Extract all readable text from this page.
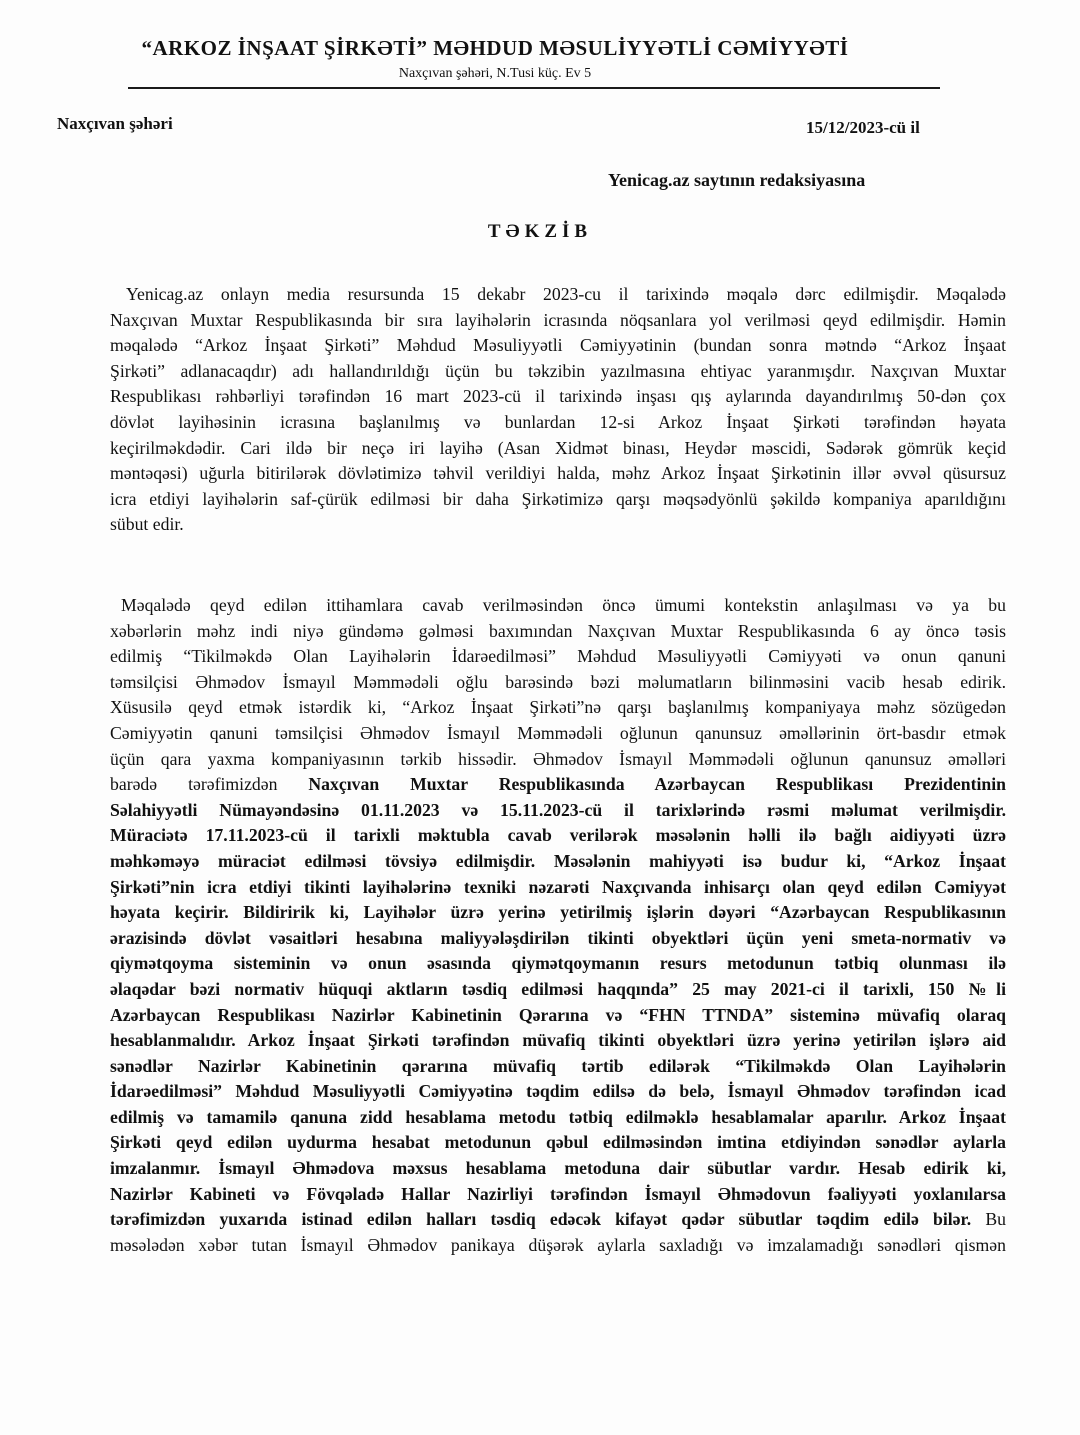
“ARKOZ İNŞAAT ŞİRKƏTİ” MƏHDUD MƏSULİYYƏTLİ CƏMİYYƏTİ
Naxçıvan şəhəri, N.Tusi küç. Ev 5
Naxçıvan şəhəri	15/12/2023-cü il
Yenicag.az saytının redaksiyasına
TƏKZİB
Yenicag.az onlayn media resursunda 15 dekabr 2023-cu il tarixində məqalə dərc edilmişdir. Məqalədə
Naxçıvan Muxtar Respublikasında bir sıra layihələrin icrasında nöqsanlara yol verilməsi qeyd edilmişdir. Həmin
məqalədə “Arkoz İnşaat Şirkəti” Məhdud Məsuliyyətli Cəmiyyətinin (bundan sonra mətndə “Arkoz İnşaat
Şirkəti” adlanacaqdır) adı hallandırıldığı üçün bu təkzibin yazılmasına ehtiyac yaranmışdır. Naxçıvan Muxtar
Respublikası rəhbərliyi tərəfindən 16 mart 2023-cü il tarixində inşası qış aylarında dayandırılmış 50-dən çox
dövlət layihəsinin icrasına başlanılmış və bunlardan 12-si Arkoz İnşaat Şirkəti tərəfindən həyata
keçirilməkdədir. Cari ildə bir neçə iri layihə (Asan Xidmət binası, Heydər məscidi, Sədərək gömrük keçid
məntəqəsi) uğurla bitirilərək dövlətimizə təhvil verildiyi halda, məhz Arkoz İnşaat Şirkətinin illər əvvəl qüsursuz
icra etdiyi layihələrin saf-çürük edilməsi bir daha Şirkətimizə qarşı məqsədyönlü şəkildə kompaniya aparıldığını
sübut edir.
Məqalədə qeyd edilən ittihamlara cavab verilməsindən öncə ümumi kontekstin anlaşılması və ya bu
xəbərlərin məhz indi niyə gündəmə gəlməsi baxımından Naxçıvan Muxtar Respublikasında 6 ay öncə təsis
edilmiş “Tikilməkdə Olan Layihələrin İdarəedilməsi” Məhdud Məsuliyyətli Cəmiyyəti və onun qanuni
təmsilçisi Əhmədov İsmayıl Məmmədəli oğlu barəsində bəzi məlumatların bilinməsini vacib hesab edirik.
Xüsusilə qeyd etmək istərdik ki, “Arkoz İnşaat Şirkəti”nə qarşı başlanılmış kompaniyaya məhz sözügedən
Cəmiyyətin qanuni təmsilçisi Əhmədov İsmayıl Məmmədəli oğlunun qanunsuz əməllərinin ört-basdır etmək
üçün qara yaxma kompaniyasının tərkib hissədir. Əhmədov İsmayıl Məmmədəli oğlunun qanunsuz əməlləri
barədə tərəfimizdən Naxçıvan Muxtar Respublikasında Azərbaycan Respublikası Prezidentinin
Səlahiyyətli Nümayəndəsinə 01.11.2023 və 15.11.2023-cü il tarixlərində rəsmi məlumat verilmişdir.
Müraciətə 17.11.2023-cü il tarixli məktubla cavab verilərək məsələnin həlli ilə bağlı aidiyyəti üzrə
məhkəməyə müraciət edilməsi tövsiyə edilmişdir. Məsələnin mahiyyəti isə budur ki, “Arkoz İnşaat
Şirkəti”nin icra etdiyi tikinti layihələrinə texniki nəzarəti Naxçıvanda inhisarçı olan qeyd edilən Cəmiyyət
həyata keçirir. Bildiririk ki, Layihələr üzrə yerinə yetirilmiş işlərin dəyəri “Azərbaycan Respublikasının
ərazisində dövlət vəsaitləri hesabına maliyyələşdirilən tikinti obyektləri üçün yeni smeta-normativ və
qiymətqoyma sisteminin və onun əsasında qiymətqoymanın resurs metodunun tətbiq olunması ilə
əlaqədar bəzi normativ hüquqi aktların təsdiq edilməsi haqqında” 25 may 2021-ci il tarixli, 150 №li
Azərbaycan Respublikası Nazirlər Kabinetinin Qərarına və “FHN TTNDA” sisteminə müvafiq olaraq
hesablanmalıdır. Arkoz İnşaat Şirkəti tərəfindən müvafiq tikinti obyektləri üzrə yerinə yetirilən işlərə aid
sənədlər Nazirlər Kabinetinin qərarına müvafiq tərtib edilərək “Tikilməkdə Olan Layihələrin
İdarəedilməsi” Məhdud Məsuliyyətli Cəmiyyətinə təqdim edilsə də belə, İsmayıl Əhmədov tərəfindən icad
edilmiş və tamamilə qanuna zidd hesablama metodu tətbiq edilməklə hesablamalar aparılır. Arkoz İnşaat
Şirkəti qeyd edilən uydurma hesabat metodunun qəbul edilməsindən imtina etdiyindən sənədlər aylarla
imzalanmır. İsmayıl Əhmədova məxsus hesablama metoduna dair sübutlar vardır. Hesab edirik ki,
Nazirlər Kabineti və Fövqəladə Hallar Nazirliyi tərəfindən İsmayıl Əhmədovun fəaliyyəti yoxlanılarsa
tərəfimizdən yuxarıda istinad edilən halları təsdiq edəcək kifayət qədər sübutlar təqdim edilə bilər. Bu
məsələdən xəbər tutan İsmayıl Əhmədov panikaya düşərək aylarla saxladığı və imzalamadığı sənədləri qismən
